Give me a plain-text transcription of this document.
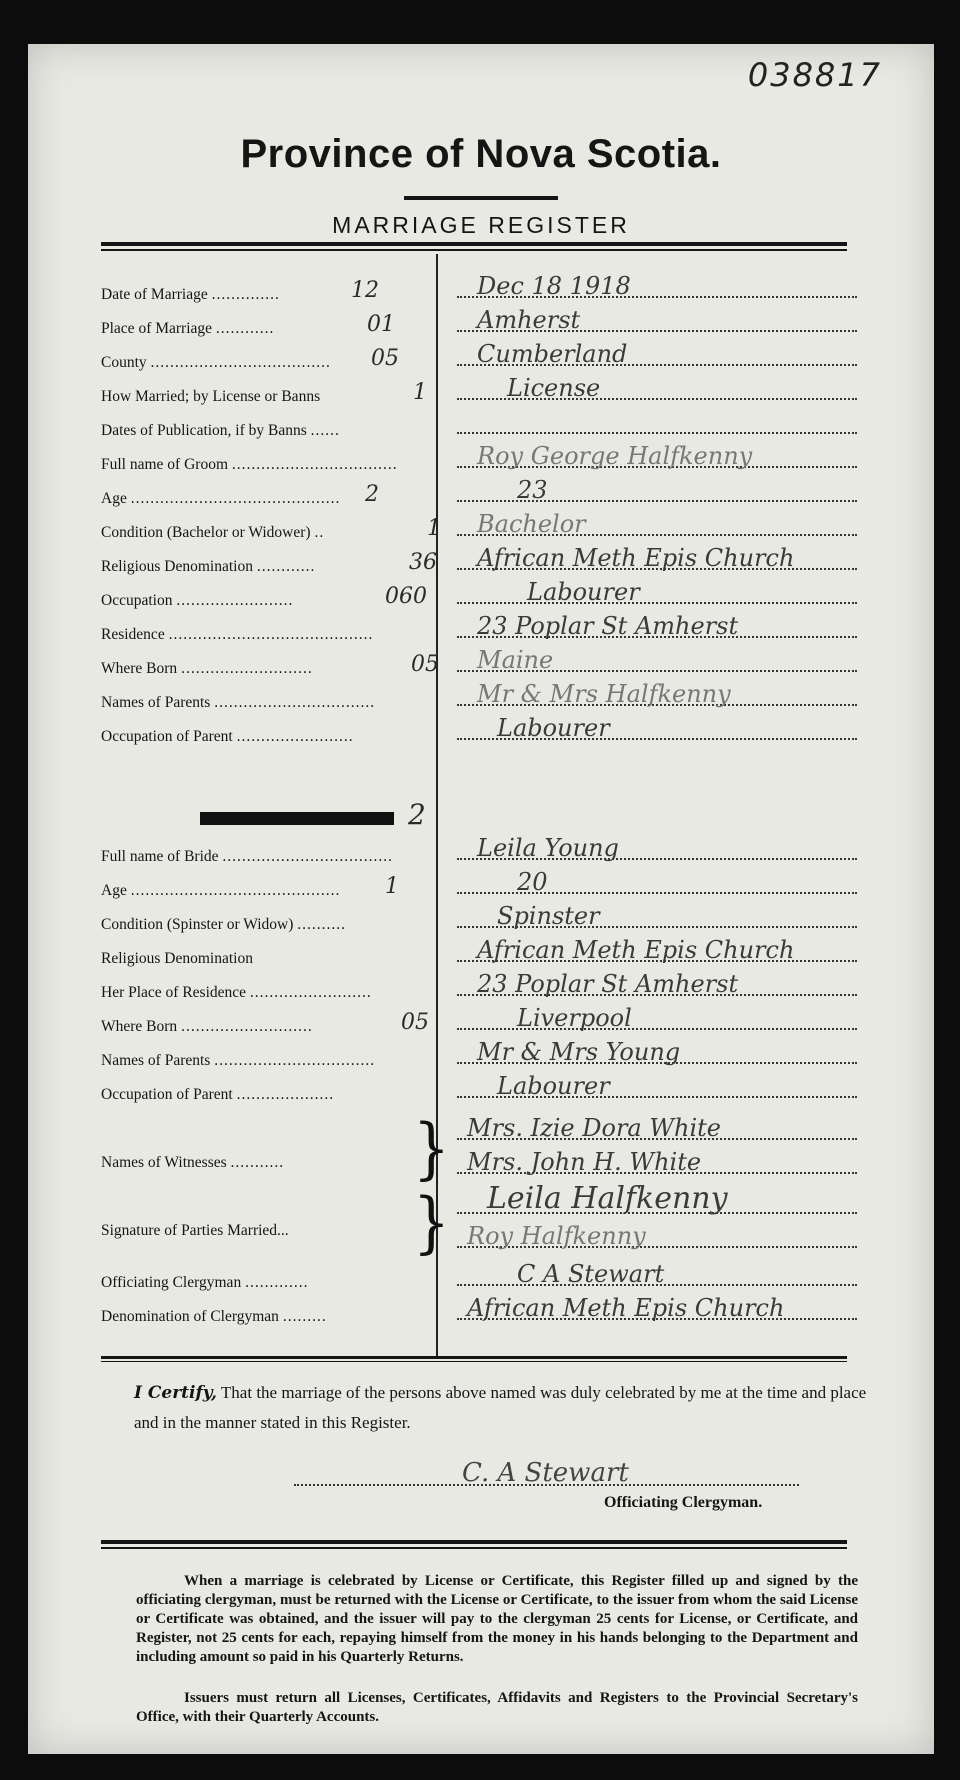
038817
Province of Nova Scotia.
MARRIAGE REGISTER
Date of Marriage ..............	12	Dec 18 1918
Place of Marriage ............	01	Amherst
County .....................................	05	Cumberland
How Married; by License or Banns	1	License
Dates of Publication, if by Banns ......
Full name of Groom ..................................	Roy George Halfkenny
Age ...........................................	2	23
Condition (Bachelor or Widower) ..	1 Bachelor
Religious Denomination ............	36 African Meth Epis Church
Occupation ........................	060	Labourer
Residence ..........................................	23 Poplar St Amherst
Where Born ...........................	05 Maine
Names of Parents .................................	Mr & Mrs Halfkenny
Occupation of Parent ........................	Labourer
2
Full name of Bride ...................................	Leila Young
Age ...........................................	1	20
Condition (Spinster or Widow) ..........	Spinster
Religious Denomination	African Meth Epis Church
Her Place of Residence .........................	23 Poplar St Amherst
Where Born ...........................	05	Liverpool
Names of Parents .................................	Mr & Mrs Young
Occupation of Parent ....................	Labourer
Names of Witnesses ...........	} Mrs. Izie Dora White
Mrs. John H. White
Signature of Parties Married...	} Leila Halfkenny
Roy Halfkenny
Officiating Clergyman .............	C A Stewart
Denomination of Clergyman .........	African Meth Epis Church
I Certify, That the marriage of the persons above named was duly celebrated by me at the time and place and in the manner stated in this Register.
C. A Stewart
Officiating Clergyman.
When a marriage is celebrated by License or Certificate, this Register filled up and signed by the officiating clergyman, must be returned with the License or Certificate, to the issuer from whom the said License or Certificate was obtained, and the issuer will pay to the clergyman 25 cents for License, or Certificate, and Register, not 25 cents for each, repaying himself from the money in his hands belonging to the Department and including amount so paid in his Quarterly Returns.
Issuers must return all Licenses, Certificates, Affidavits and Registers to the Provincial Secretary's Office, with their Quarterly Accounts.
